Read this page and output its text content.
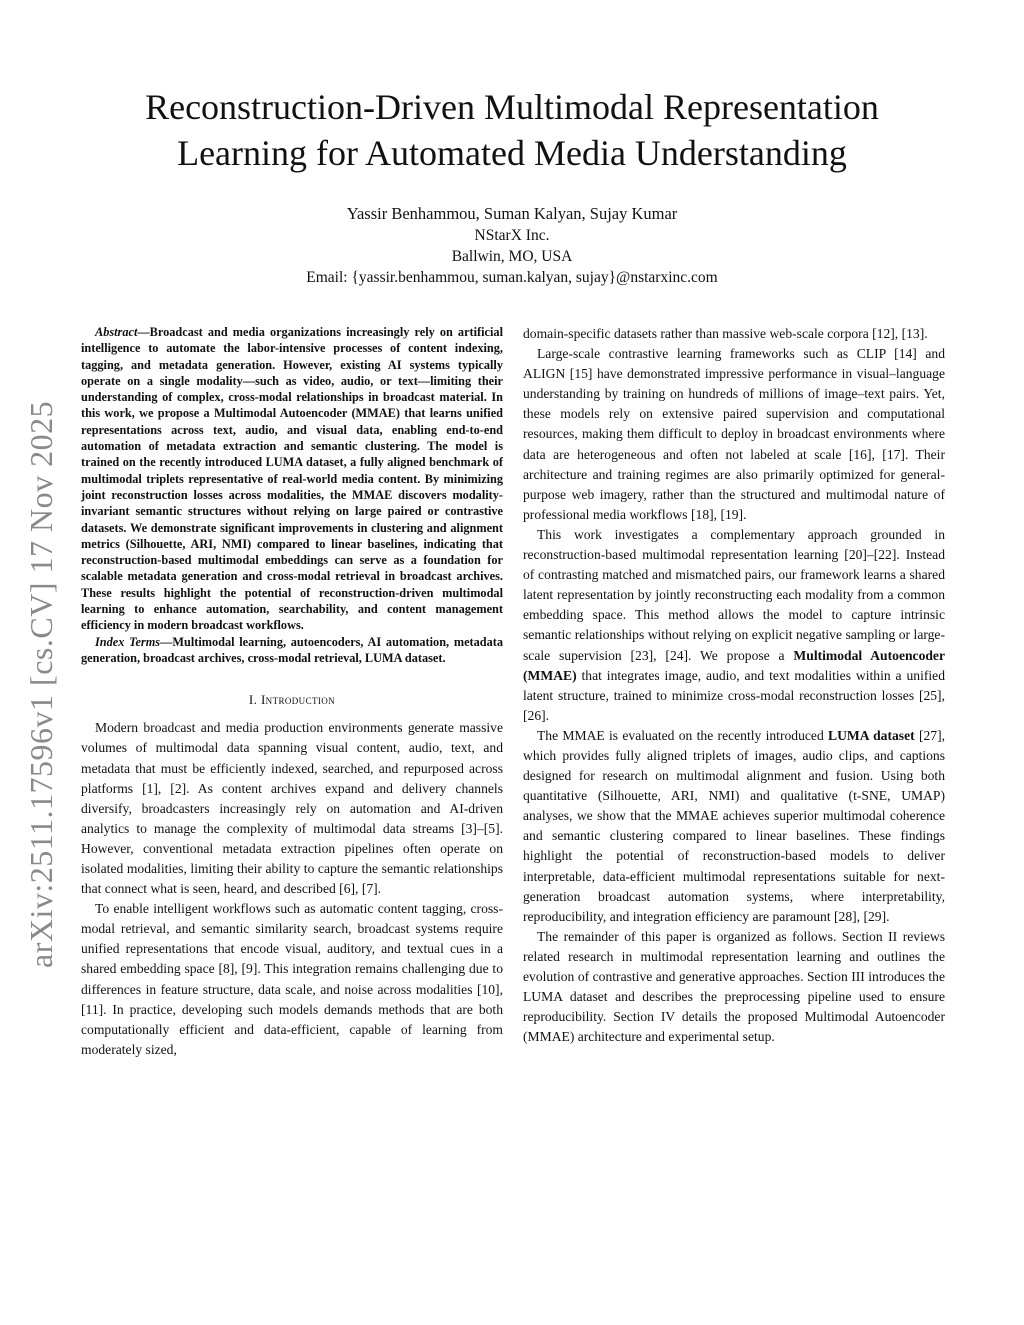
arXiv:2511.17596v1 [cs.CV] 17 Nov 2025
Reconstruction-Driven Multimodal Representation
Learning for Automated Media Understanding
Yassir Benhammou, Suman Kalyan, Sujay Kumar
NStarX Inc.
Ballwin, MO, USA
Email: {yassir.benhammou, suman.kalyan, sujay}@nstarxinc.com

Abstract—Broadcast and media organizations increasingly rely on artificial intelligence to automate the labor-intensive processes of content indexing, tagging, and metadata generation. However, existing AI systems typically operate on a single modality—such as video, audio, or text—limiting their understanding of complex, cross-modal relationships in broadcast material. In this work, we propose a Multimodal Autoencoder (MMAE) that learns unified representations across text, audio, and visual data, enabling end-to-end automation of metadata extraction and semantic clustering. The model is trained on the recently introduced LUMA dataset, a fully aligned benchmark of multimodal triplets representative of real-world media content. By minimizing joint reconstruction losses across modalities, the MMAE discovers modality-invariant semantic structures without relying on large paired or contrastive datasets. We demonstrate significant improvements in clustering and alignment metrics (Silhouette, ARI, NMI) compared to linear baselines, indicating that reconstruction-based multimodal embeddings can serve as a foundation for scalable metadata generation and cross-modal retrieval in broadcast archives. These results highlight the potential of reconstruction-driven multimodal learning to enhance automation, searchability, and content management efficiency in modern broadcast workflows.

Index Terms—Multimodal learning, autoencoders, AI automation, metadata generation, broadcast archives, cross-modal retrieval, LUMA dataset.

I. Introduction

Modern broadcast and media production environments generate massive volumes of multimodal data spanning visual content, audio, text, and metadata that must be efficiently indexed, searched, and repurposed across platforms [1], [2]. As content archives expand and delivery channels diversify, broadcasters increasingly rely on automation and AI-driven analytics to manage the complexity of multimodal data streams [3]–[5]. However, conventional metadata extraction pipelines often operate on isolated modalities, limiting their ability to capture the semantic relationships that connect what is seen, heard, and described [6], [7].

To enable intelligent workflows such as automatic content tagging, cross-modal retrieval, and semantic similarity search, broadcast systems require unified representations that encode visual, auditory, and textual cues in a shared embedding space [8], [9]. This integration remains challenging due to differences in feature structure, data scale, and noise across modalities [10], [11]. In practice, developing such models demands methods that are both computationally efficient and data-efficient, capable of learning from moderately sized,

domain-specific datasets rather than massive web-scale corpora [12], [13].

Large-scale contrastive learning frameworks such as CLIP [14] and ALIGN [15] have demonstrated impressive performance in visual–language understanding by training on hundreds of millions of image–text pairs. Yet, these models rely on extensive paired supervision and computational resources, making them difficult to deploy in broadcast environments where data are heterogeneous and often not labeled at scale [16], [17]. Their architecture and training regimes are also primarily optimized for general-purpose web imagery, rather than the structured and multimodal nature of professional media workflows [18], [19].

This work investigates a complementary approach grounded in reconstruction-based multimodal representation learning [20]–[22]. Instead of contrasting matched and mismatched pairs, our framework learns a shared latent representation by jointly reconstructing each modality from a common embedding space. This method allows the model to capture intrinsic semantic relationships without relying on explicit negative sampling or large-scale supervision [23], [24]. We propose a Multimodal Autoencoder (MMAE) that integrates image, audio, and text modalities within a unified latent structure, trained to minimize cross-modal reconstruction losses [25], [26].

The MMAE is evaluated on the recently introduced LUMA dataset [27], which provides fully aligned triplets of images, audio clips, and captions designed for research on multimodal alignment and fusion. Using both quantitative (Silhouette, ARI, NMI) and qualitative (t-SNE, UMAP) analyses, we show that the MMAE achieves superior multimodal coherence and semantic clustering compared to linear baselines. These findings highlight the potential of reconstruction-based models to deliver interpretable, data-efficient multimodal representations suitable for next-generation broadcast automation systems, where interpretability, reproducibility, and integration efficiency are paramount [28], [29].

The remainder of this paper is organized as follows. Section II reviews related research in multimodal representation learning and outlines the evolution of contrastive and generative approaches. Section III introduces the LUMA dataset and describes the preprocessing pipeline used to ensure reproducibility. Section IV details the proposed Multimodal Autoencoder (MMAE) architecture and experimental setup.
